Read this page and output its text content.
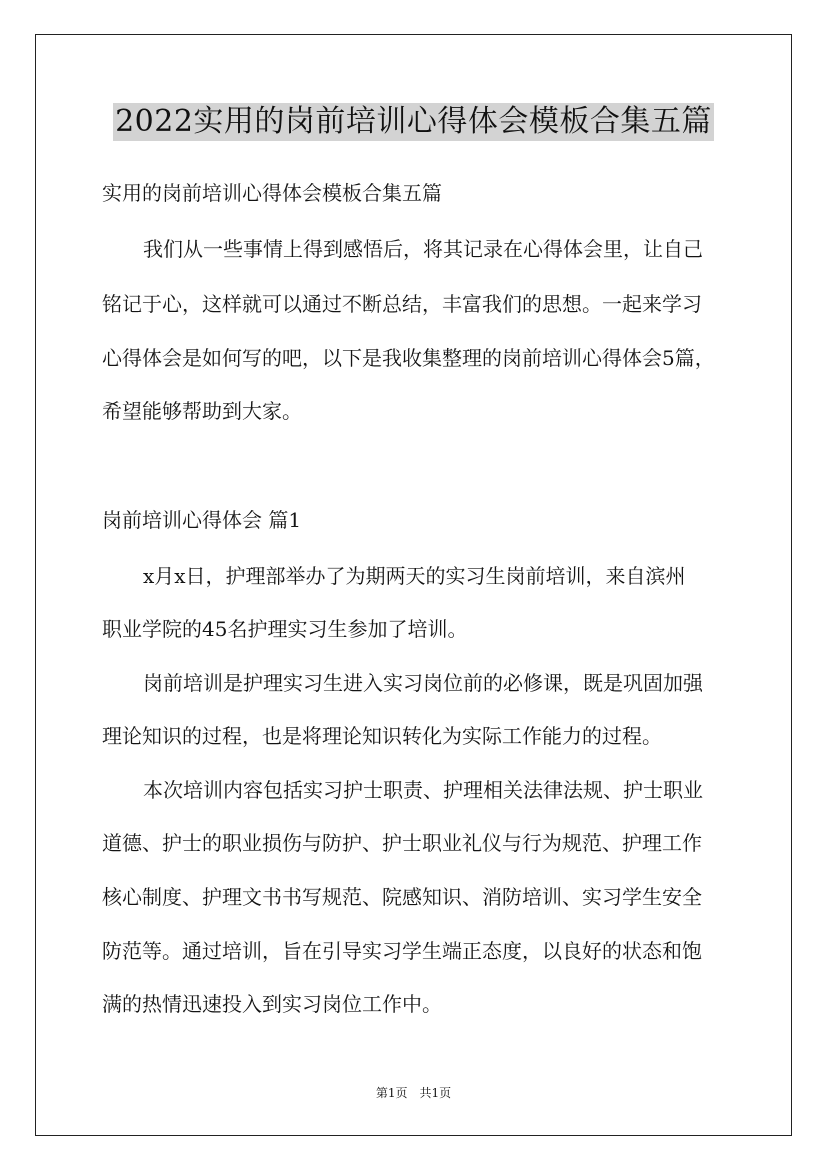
2022实用的岗前培训心得体会模板合集五篇
实用的岗前培训心得体会模板合集五篇
我们从一些事情上得到感悟后，将其记录在心得体会里，让自己
铭记于心，这样就可以通过不断总结，丰富我们的思想。一起来学习
心得体会是如何写的吧，以下是我收集整理的岗前培训心得体会5篇，
希望能够帮助到大家。
岗前培训心得体会 篇1
x月x日，护理部举办了为期两天的实习生岗前培训，来自滨州
职业学院的45名护理实习生参加了培训。
岗前培训是护理实习生进入实习岗位前的必修课，既是巩固加强
理论知识的过程，也是将理论知识转化为实际工作能力的过程。
本次培训内容包括实习护士职责、护理相关法律法规、护士职业
道德、护士的职业损伤与防护、护士职业礼仪与行为规范、护理工作
核心制度、护理文书书写规范、院感知识、消防培训、实习学生安全
防范等。通过培训，旨在引导实习学生端正态度，以良好的状态和饱
满的热情迅速投入到实习岗位工作中。
第1页　共1页
